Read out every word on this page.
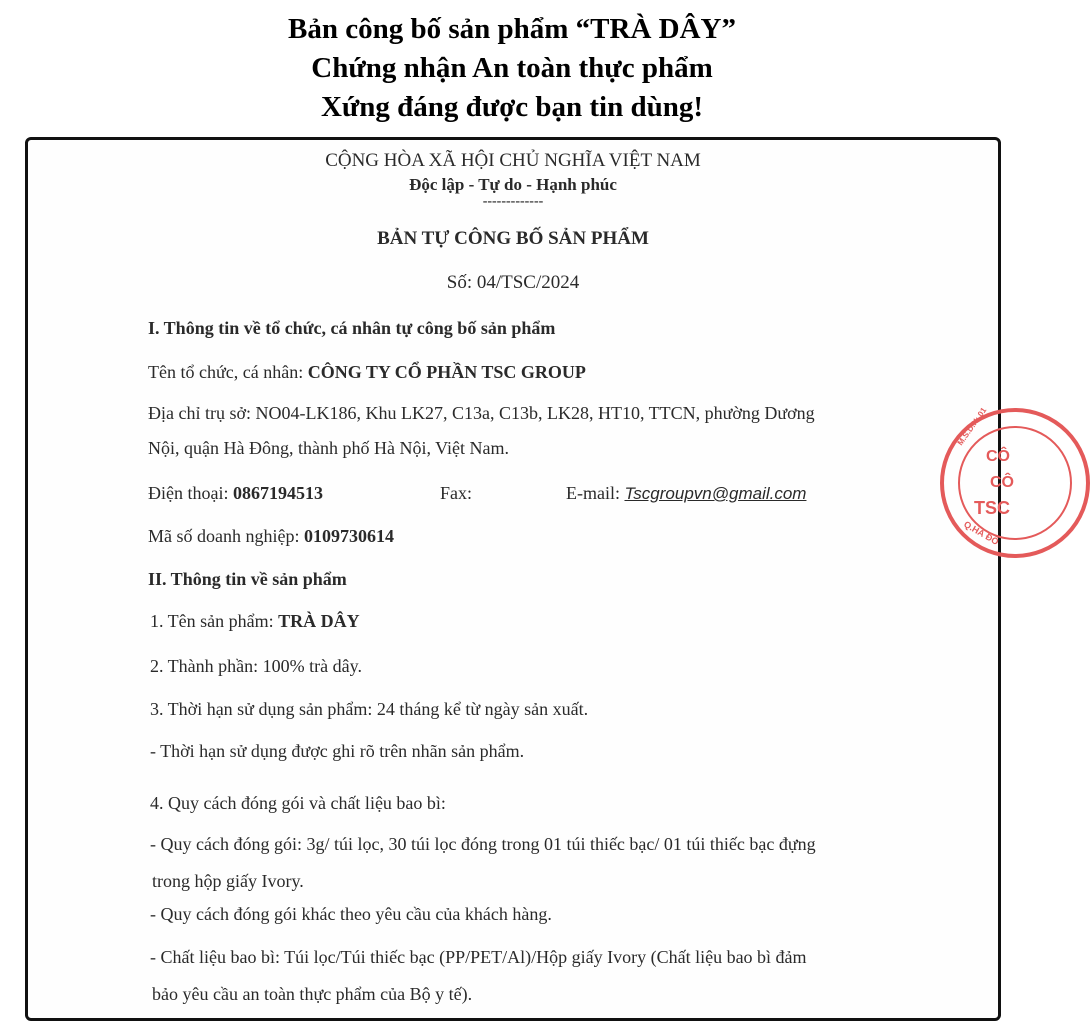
Bản công bố sản phẩm “TRÀ DÂY”
Chứng nhận An toàn thực phẩm
Xứng đáng được bạn tin dùng!
CỘNG HÒA XÃ HỘI CHỦ NGHĨA VIỆT NAM
Độc lập - Tự do - Hạnh phúc
-------------
BẢN TỰ CÔNG BỐ SẢN PHẨM
Số: 04/TSC/2024
I. Thông tin về tổ chức, cá nhân tự công bố sản phẩm
Tên tổ chức, cá nhân: CÔNG TY CỔ PHẦN TSC GROUP
Địa chỉ trụ sở: NO04-LK186, Khu LK27, C13a, C13b, LK28, HT10, TTCN, phường Dương
Nội, quận Hà Đông, thành phố Hà Nội, Việt Nam.
Điện thoại: 0867194513	Fax:	E-mail: Tscgroupvn@gmail.com
Mã số doanh nghiệp: 0109730614
II. Thông tin về sản phẩm
1. Tên sản phẩm: TRÀ DÂY
2. Thành phần: 100% trà dây.
3. Thời hạn sử dụng sản phẩm: 24 tháng kể từ ngày sản xuất.
- Thời hạn sử dụng được ghi rõ trên nhãn sản phẩm.
4. Quy cách đóng gói và chất liệu bao bì:
- Quy cách đóng gói: 3g/ túi lọc, 30 túi lọc đóng trong 01 túi thiếc bạc/ 01 túi thiếc bạc đựng
trong hộp giấy Ivory.
- Quy cách đóng gói khác theo yêu cầu của khách hàng.
- Chất liệu bao bì: Túi lọc/Túi thiếc bạc (PP/PET/Al)/Hộp giấy Ivory (Chất liệu bao bì đảm
bảo yêu cầu an toàn thực phẩm của Bộ y tế).
M.S.D.N: 01
CÔ
CÔ
TSC
Q.HÀ ĐÔ
